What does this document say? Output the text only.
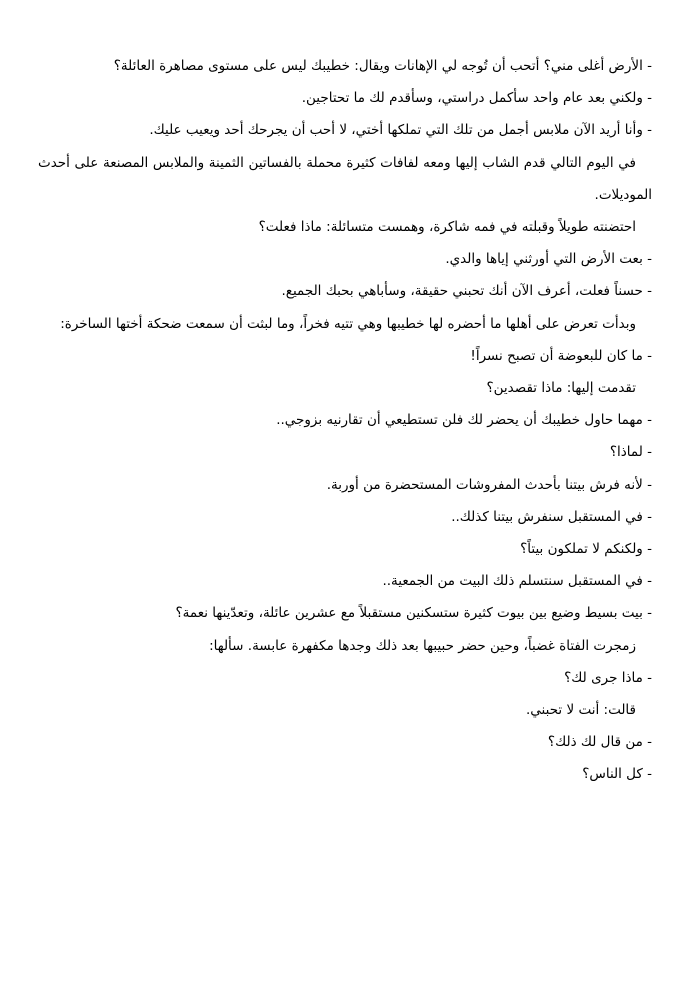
- الأرض أغلى مني؟ أتحب أن تُوجه لي الإهانات ويقال: خطيبك ليس على مستوى مصاهرة العائلة؟

- ولكني بعد عام واحد سأكمل دراستي، وسأقدم لك ما تحتاجين.

- وأنا أريد الآن ملابس أجمل من تلك التي تملكها أختي، لا أحب أن يجرحك أحد ويعيب عليك.

في اليوم التالي قدم الشاب إليها ومعه لفافات كثيرة محملة بالفساتين الثمينة والملابس المصنعة على أحدث الموديلات.

احتضنته طويلاً وقبلته في فمه شاكرة، وهمست متسائلة: ماذا فعلت؟

- بعت الأرض التي أورثني إياها والدي.

- حسناً فعلت، أعرف الآن أنك تحبني حقيقة، وسأباهي بحبك الجميع.

وبدأت تعرض على أهلها ما أحضره لها خطيبها وهي تتيه فخراً، وما لبثت أن سمعت ضحكة أختها الساخرة:

- ما كان للبعوضة أن تصبح نسراً!

تقدمت إليها: ماذا تقصدين؟

- مهما حاول خطيبك أن يحضر لك فلن تستطيعي أن تقارنيه بزوجي..

- لماذا؟

- لأنه فرش بيتنا بأحدث المفروشات المستحضرة من أوربة.

- في المستقبل سنفرش بيتنا كذلك..

- ولكنكم لا تملكون بيتاً؟

- في المستقبل سنتسلم ذلك البيت من الجمعية..

- بيت بسيط وضيع بين بيوت كثيرة ستسكنين مستقبلاً مع عشرين عائلة، وتعدّينها نعمة؟

زمجرت الفتاة غضباً، وحين حضر حبيبها بعد ذلك وجدها مكفهرة عابسة. سألها:

- ماذا جرى لك؟

قالت: أنت لا تحبني.

- من قال لك ذلك؟

- كل الناس؟
